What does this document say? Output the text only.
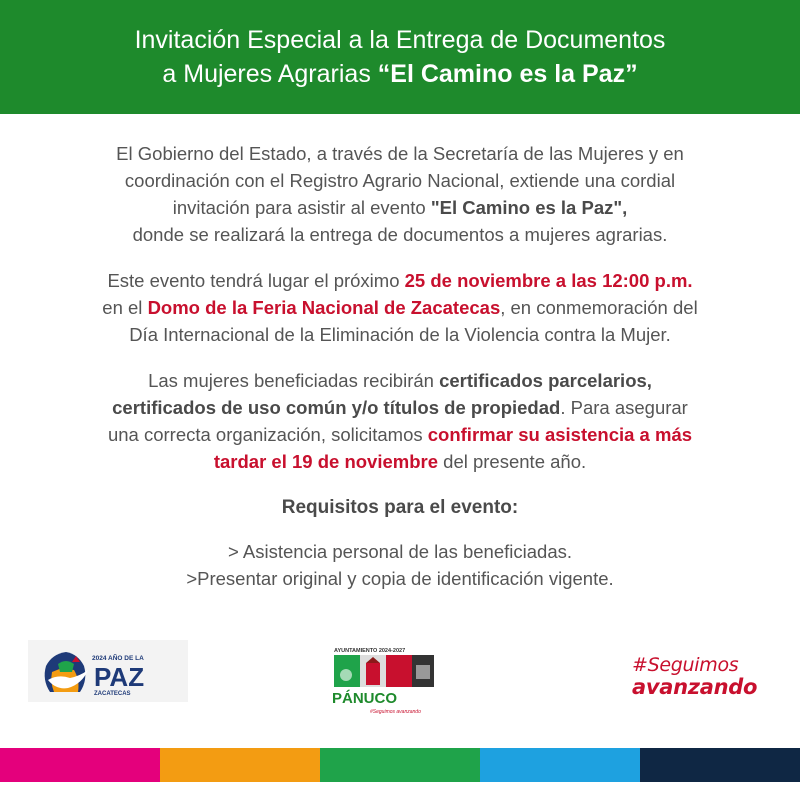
Invitación Especial a la Entrega de Documentos
a Mujeres Agrarias “El Camino es la Paz”
El Gobierno del Estado, a través de la Secretaría de las Mujeres y en
coordinación con el Registro Agrario Nacional, extiende una cordial
invitación para asistir al evento "El Camino es la Paz",
donde se realizará la entrega de documentos a mujeres agrarias.
Este evento tendrá lugar el próximo 25 de noviembre a las 12:00 p.m.
en el Domo de la Feria Nacional de Zacatecas, en conmemoración del
Día Internacional de la Eliminación de la Violencia contra la Mujer.
Las mujeres beneficiadas recibirán certificados parcelarios,
certificados de uso común y/o títulos de propiedad. Para asegurar
una correcta organización, solicitamos confirmar su asistencia a más
tardar el 19 de noviembre del presente año.
Requisitos para el evento:
> Asistencia personal de las beneficiadas.
>Presentar original y copia de identificación vigente.
2024 AÑO DE LA
PAZ
ZACATECAS
AYUNTAMIENTO 2024-2027
PÁNUCO
#Seguimos avanzando
#Seguimos
avanzando
